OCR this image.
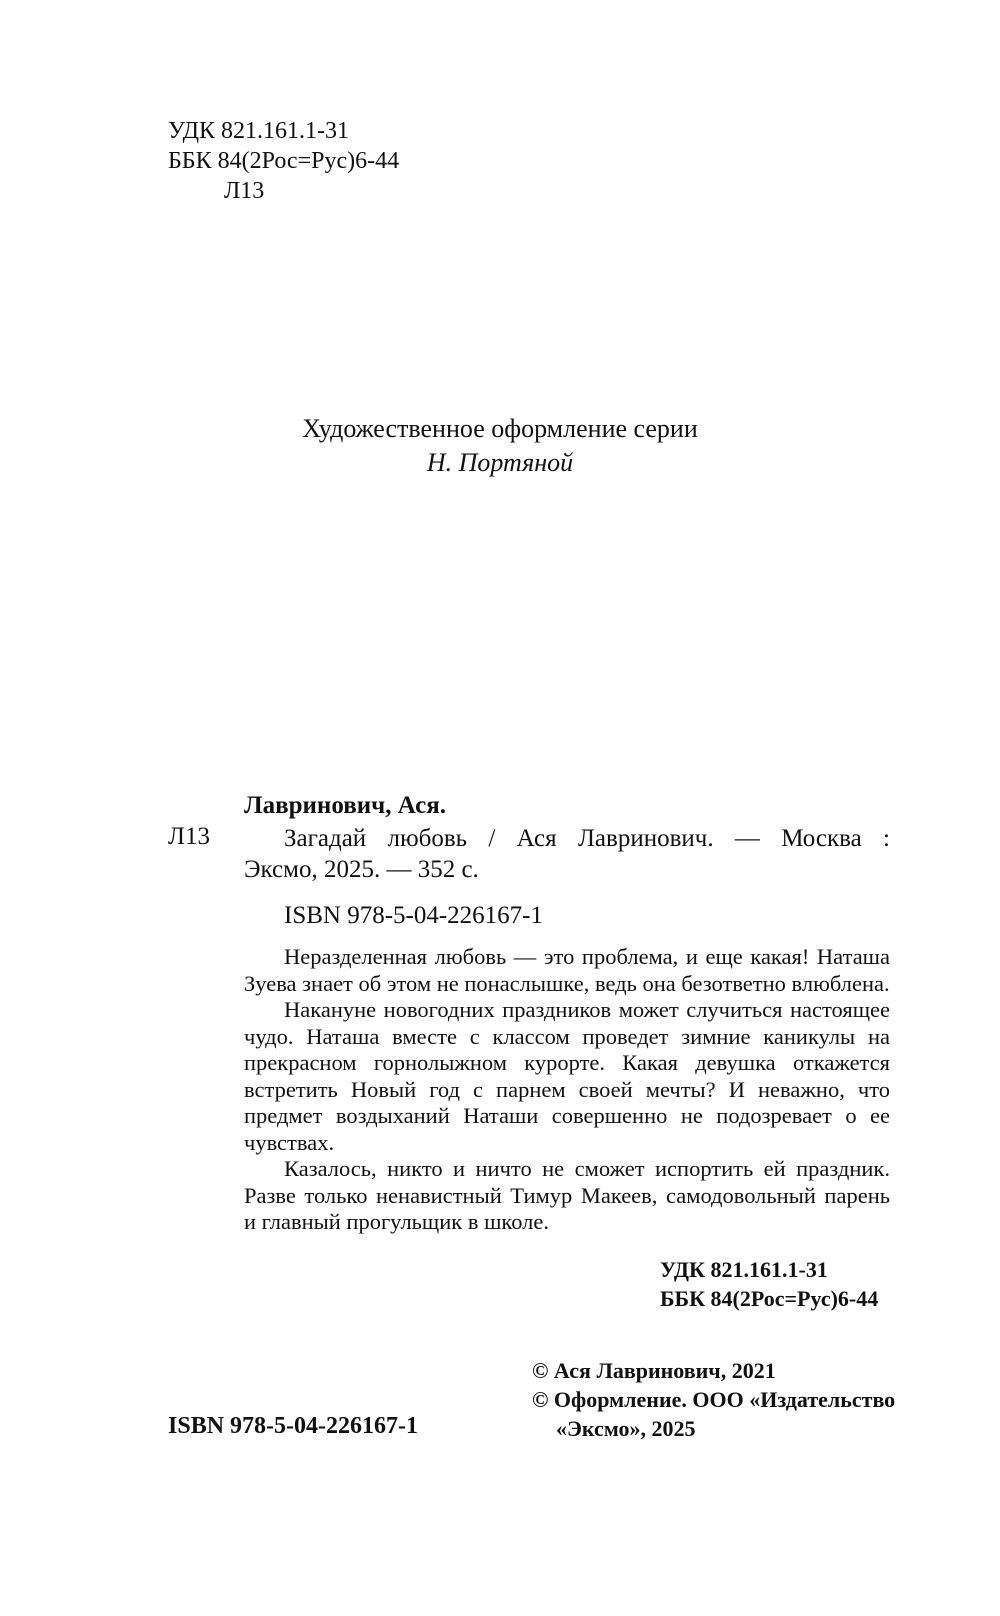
УДК 821.161.1-31
ББК 84(2Рос=Рус)6-44
Л13
Художественное оформление серии
Н. Портяной
Лавринович, Ася.
Л13	Загадай любовь / Ася Лавринович. — Москва :
Эксмо, 2025. — 352 с.
ISBN 978-5-04-226167-1

Неразделенная любовь — это проблема, и еще какая! Наташа Зуева знает об этом не понаслышке, ведь она безответно влюблена.

Накануне новогодних праздников может случиться настоящее чудо. Наташа вместе с классом проведет зимние каникулы на прекрасном горнолыжном курорте. Какая девушка откажется встретить Новый год с парнем своей мечты? И неважно, что предмет воздыханий Наташи совершенно не подозревает о ее чувствах.

Казалось, никто и ничто не сможет испортить ей праздник. Разве только ненавистный Тимур Макеев, самодовольный парень и главный прогульщик в школе.

УДК 821.161.1-31
ББК 84(2Рос=Рус)6-44
© Ася Лавринович, 2021
© Оформление. ООО «Издательство
«Эксмо», 2025
ISBN 978-5-04-226167-1
